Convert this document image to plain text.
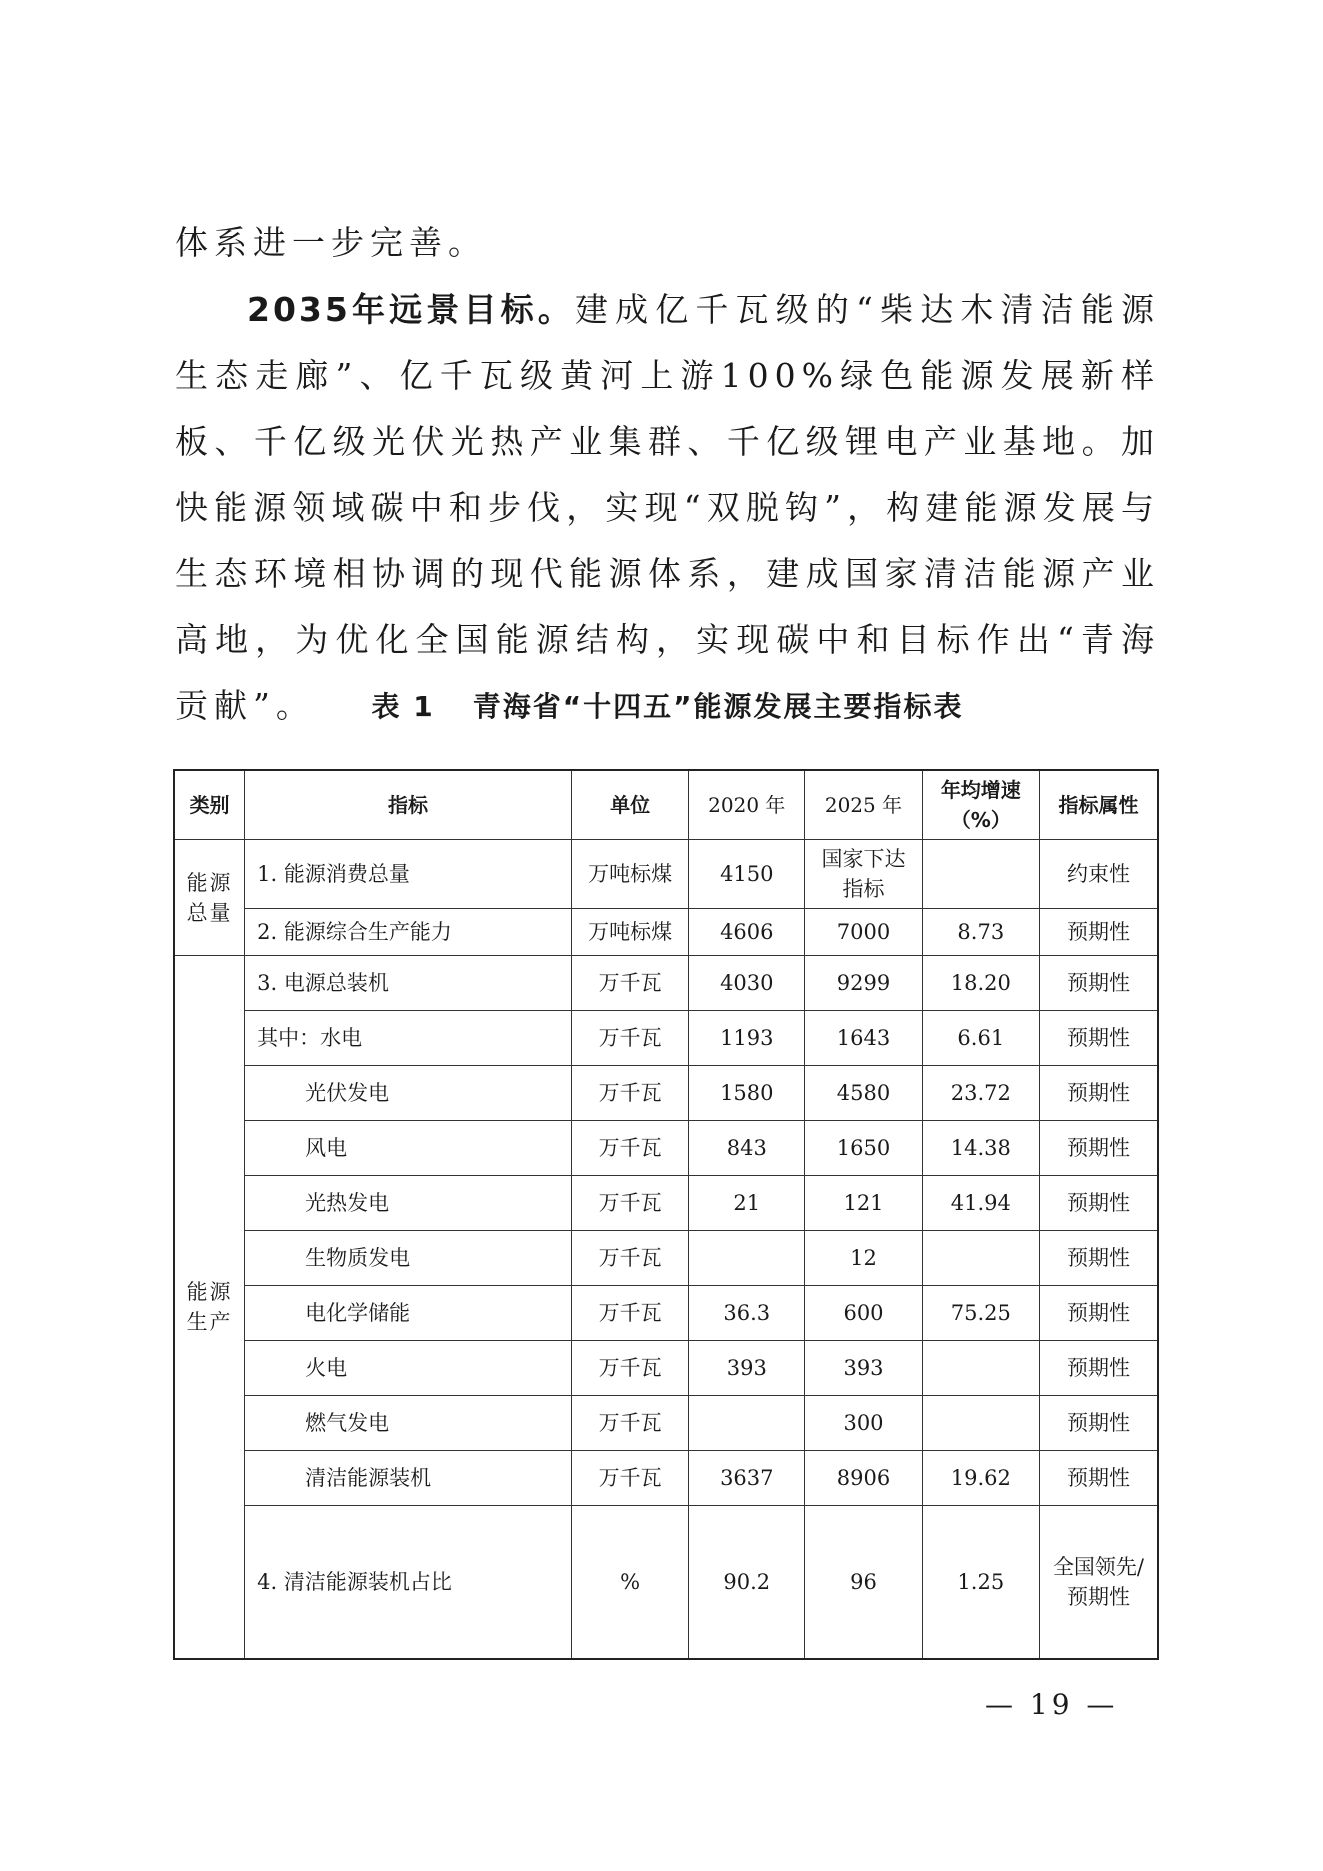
体系进一步完善。

2035年远景目标。建成亿千瓦级的“柴达木清洁能源生态走廊”、亿千瓦级黄河上游100%绿色能源发展新样板、千亿级光伏光热产业集群、千亿级锂电产业基地。加快能源领域碳中和步伐，实现“双脱钩”，构建能源发展与生态环境相协调的现代能源体系，建成国家清洁能源产业高地，为优化全国能源结构，实现碳中和目标作出“青海贡献”。	表 1 青海省“十四五”能源发展主要指标表
类别	指标	单位	2020 年	2025 年	年均增速（%）	指标属性
能源总量	1. 能源消费总量	万吨标煤	4150	国家下达指标		约束性
	2. 能源综合生产能力	万吨标煤	4606	7000	8.73	预期性
能源生产	3. 电源总装机	万千瓦	4030	9299	18.20	预期性
	其中：水电	万千瓦	1193	1643	6.61	预期性
	光伏发电	万千瓦	1580	4580	23.72	预期性
	风电	万千瓦	843	1650	14.38	预期性
	光热发电	万千瓦	21	121	41.94	预期性
	生物质发电	万千瓦		12		预期性
	电化学储能	万千瓦	36.3	600	75.25	预期性
	火电	万千瓦	393	393		预期性
	燃气发电	万千瓦		300		预期性
	清洁能源装机	万千瓦	3637	8906	19.62	预期性
	4. 清洁能源装机占比	%	90.2	96	1.25	全国领先/预期性
— 19 —
